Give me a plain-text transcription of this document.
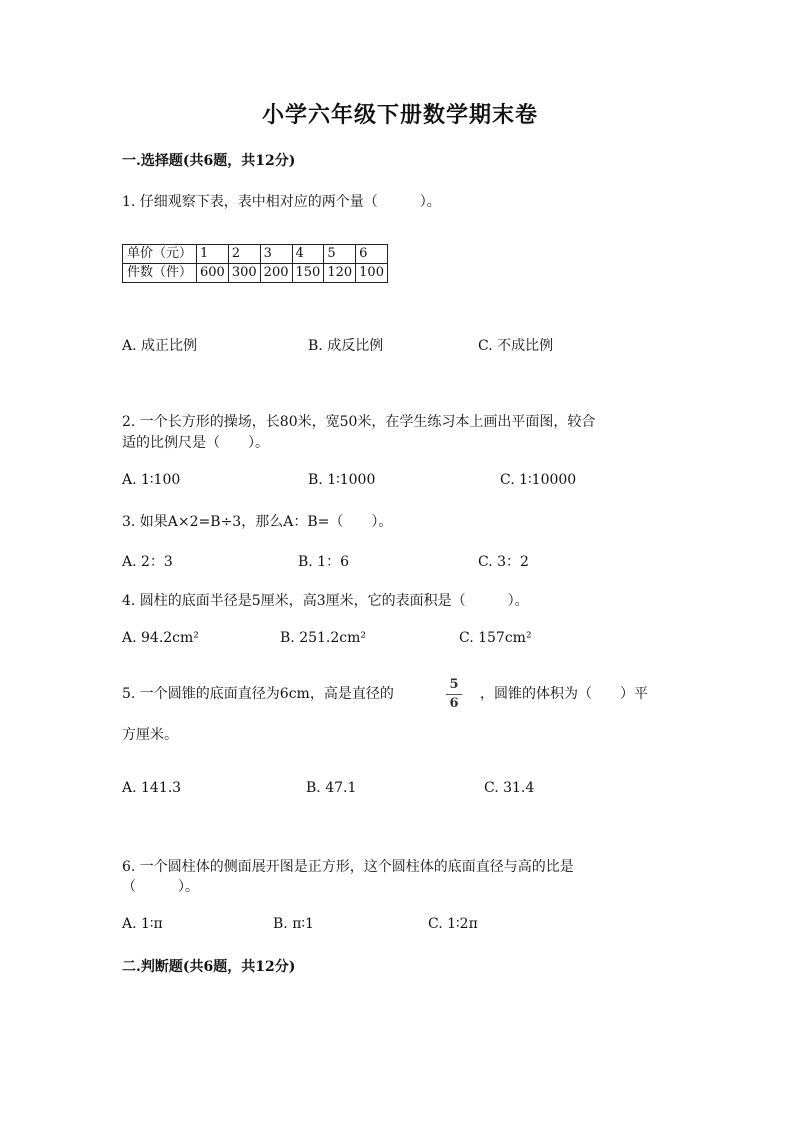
小学六年级下册数学期末卷
一.选择题(共6题，共12分)
1. 仔细观察下表，表中相对应的两个量（　　　）。
单价（元）	1	2	3	4	5	6
件数（件）	600	300	200	150	120	100
A. 成正比例	B. 成反比例	C. 不成比例
2. 一个长方形的操场，长80米，宽50米，在学生练习本上画出平面图，较合
适的比例尺是（　　）。
A. 1∶100	B. 1∶1000	C. 1∶10000
3. 如果A×2=B÷3，那么A：B=（　　）。
A. 2：3	B. 1：6	C. 3：2
4. 圆柱的底面半径是5厘米，高3厘米，它的表面积是（　　　）。
A. 94.2cm²	B. 251.2cm²	C. 157cm²
5. 一个圆锥的底面直径为6cm，高是直径的
5
6
，圆锥的体积为（　　）平
方厘米。
A. 141.3	B. 47.1	C. 31.4
6. 一个圆柱体的侧面展开图是正方形，这个圆柱体的底面直径与高的比是
（　　　）。
A. 1∶π	B. π∶1	C. 1∶2π
二.判断题(共6题，共12分)
